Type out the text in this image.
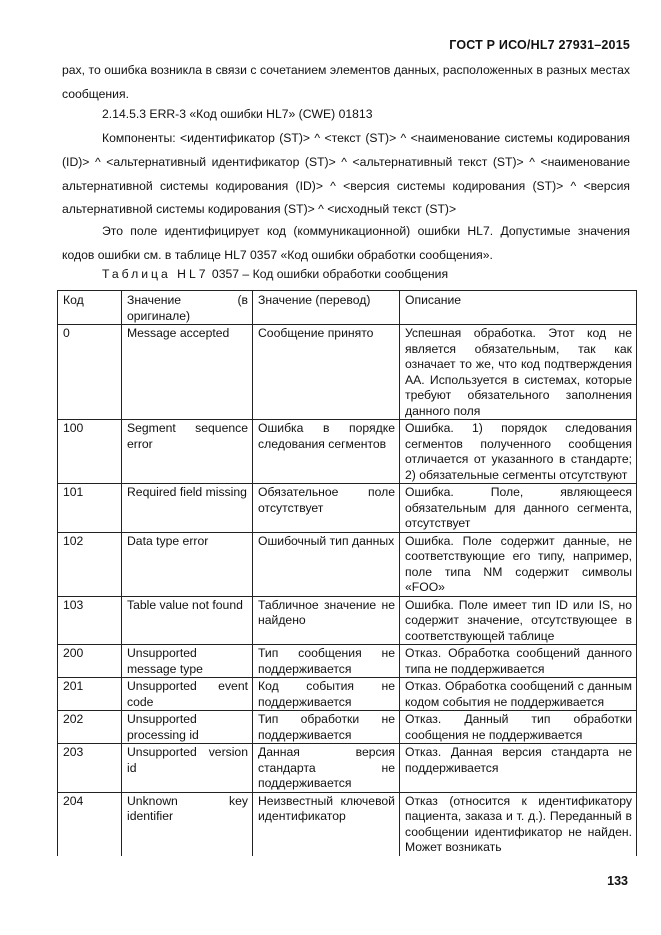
ГОСТ Р ИСО/HL7 27931–2015
рах, то ошибка возникла в связи с сочетанием элементов данных, расположенных в разных местах сообщения.
2.14.5.3 ERR-3 «Код ошибки HL7» (CWE) 01813
Компоненты: <идентификатор (ST)> ^ <текст (ST)> ^ <наименование системы кодирования (ID)> ^ <альтернативный идентификатор (ST)> ^ <альтернативный текст (ST)> ^ <наименование альтернативной системы кодирования (ID)> ^ <версия системы кодирования (ST)> ^ <версия альтернативной системы кодирования (ST)> ^ <исходный текст (ST)>
Это поле идентифицирует код (коммуникационной) ошибки HL7. Допустимые значения кодов ошибки см. в таблице HL7 0357 «Код ошибки обработки сообщения».
Таблица HL7 0357 – Код ошибки обработки сообщения
Код	Значение (в оригинале)	Значение (перевод)	Описание
0	Message accepted	Сообщение принято	Успешная обработка. Этот код не является обязательным, так как означает то же, что код подтверждения AA. Используется в системах, которые требуют обязательного заполнения данного поля
100	Segment sequence error	Ошибка в порядке следования сегментов	Ошибка. 1) порядок следования сегментов полученного сообщения отличается от указанного в стандарте; 2) обязательные сегменты отсутствуют
101	Required field missing	Обязательное поле отсутствует	Ошибка. Поле, являющееся обязательным для данного сегмента, отсутствует
102	Data type error	Ошибочный тип данных	Ошибка. Поле содержит данные, не соответствующие его типу, например, поле типа NM содержит символы «FOO»
103	Table value not found	Табличное значение не найдено	Ошибка. Поле имеет тип ID или IS, но содержит значение, отсутствующее в соответствующей таблице
200	Unsupported message type	Тип сообщения не поддерживается	Отказ. Обработка сообщений данного типа не поддерживается
201	Unsupported event code	Код события не поддерживается	Отказ. Обработка сообщений с данным кодом события не поддерживается
202	Unsupported processing id	Тип обработки не поддерживается	Отказ. Данный тип обработки сообщения не поддерживается
203	Unsupported version id	Данная версия стандарта не поддерживается	Отказ. Данная версия стандарта не поддерживается
204	Unknown key identifier	Неизвестный ключевой идентификатор	Отказ (относится к идентификатору пациента, заказа и т. д.). Переданный в сообщении идентификатор не найден. Может возникать
133
